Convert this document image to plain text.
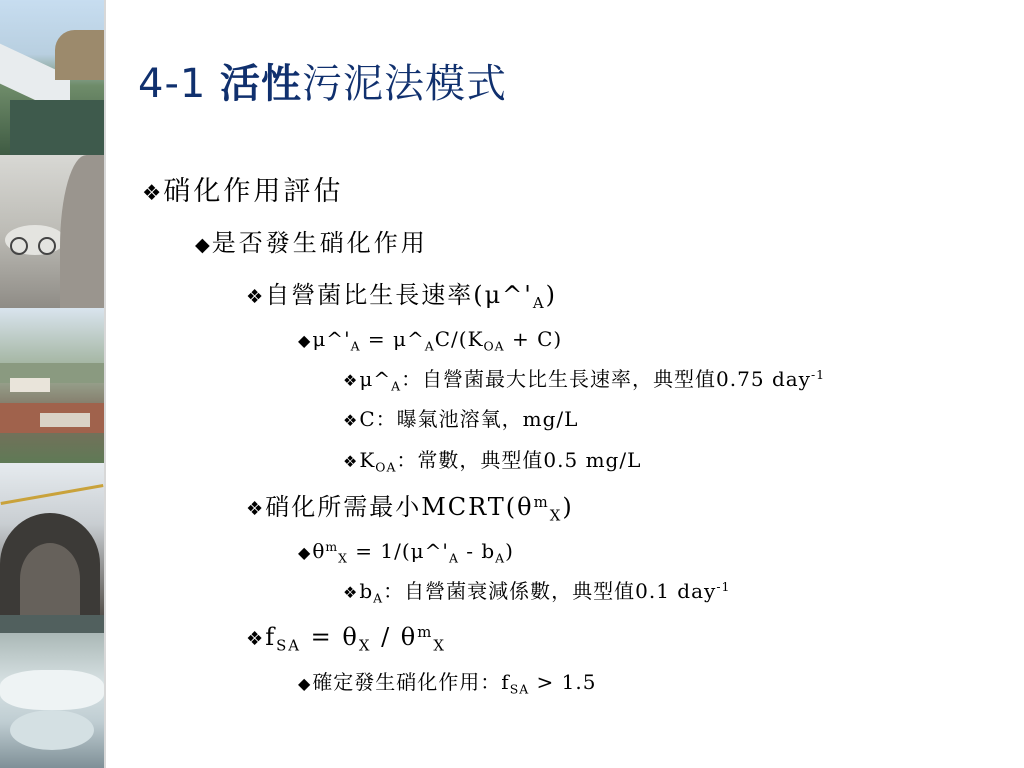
4-1 活性污泥法模式
❖硝化作用評估
◆是否發生硝化作用
❖自營菌比生長速率$(\mu\^{}'_A)$
◆ $\mu\^{}'_A$ = $\mu\^{}_AC/(K_{OA} + C)$
❖ $\mu\^{}_A$：自營菌最大比生長速率，典型值0.75 day$^{-1}$
❖ C：曝氣池溶氧，mg/L
❖ $K_{OA}$：常數，典型值0.5 mg/L
❖硝化所需最小$MCRT(\theta^m_X)$
◆ $\theta^m_X$ = $1/(\mu\^{}'_A - b_A)$
❖ $b_A$：自營菌衰減係數，典型值0.1 day$^{-1}$
$❖f_{SA} = \theta_X / \theta^m_X$
◆ 確定發生硝化作用：$f_{SA} > 1.5$
